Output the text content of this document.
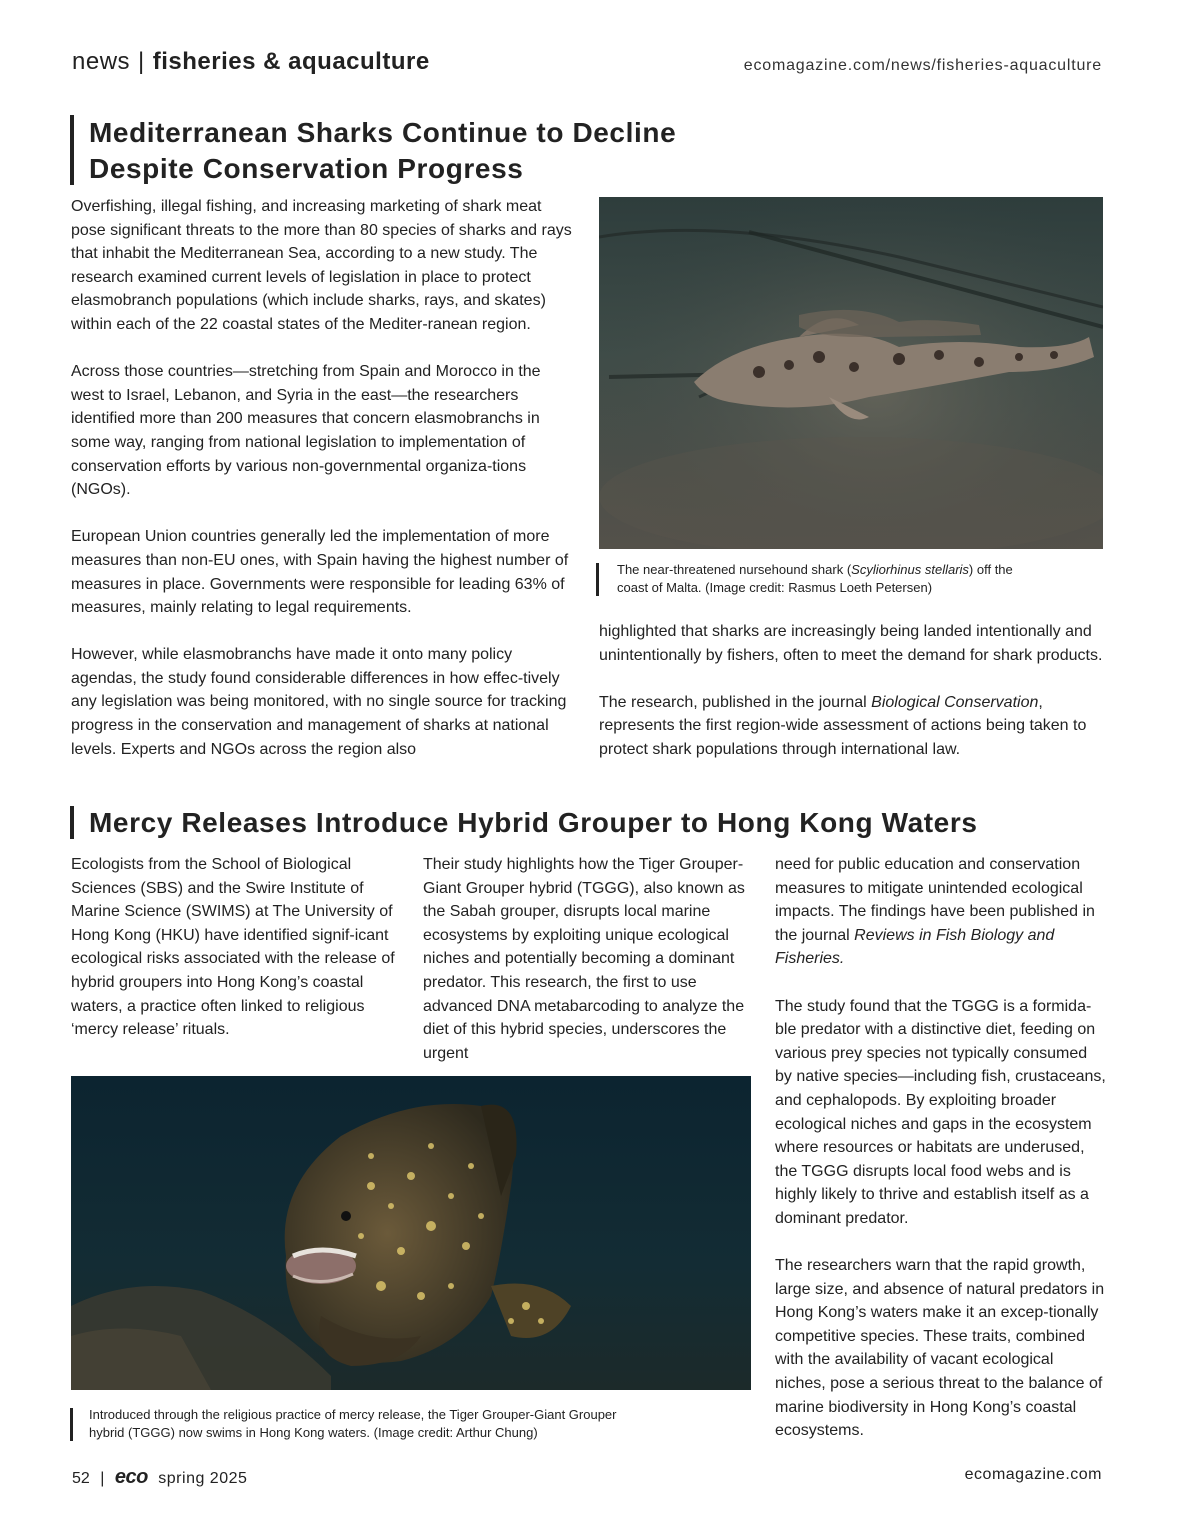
news | fisheries & aquaculture	ecomagazine.com/news/fisheries-aquaculture
Mediterranean Sharks Continue to Decline
Despite Conservation Progress

Overfishing, illegal fishing, and increasing marketing of shark meat pose significant threats to the more than 80 species of sharks and rays that inhabit the Mediterranean Sea, according to a new study. The research examined current levels of legislation in place to protect elasmobranch populations (which include sharks, rays, and skates) within each of the 22 coastal states of the Mediter-ranean region.

Across those countries—stretching from Spain and Morocco in the west to Israel, Lebanon, and Syria in the east—the researchers identified more than 200 measures that concern elasmobranchs in some way, ranging from national legislation to implementation of conservation efforts by various non-governmental organiza-tions (NGOs).

European Union countries generally led the implementation of more measures than non-EU ones, with Spain having the highest number of measures in place. Governments were responsible for leading 63% of measures, mainly relating to legal requirements.

However, while elasmobranchs have made it onto many policy agendas, the study found considerable differences in how effec-tively any legislation was being monitored, with no single source for tracking progress in the conservation and management of sharks at national levels. Experts and NGOs across the region also

The near-threatened nursehound shark (Scyliorhinus stellaris) off the coast of Malta. (Image credit: Rasmus Loeth Petersen)

highlighted that sharks are increasingly being landed intentionally and unintentionally by fishers, often to meet the demand for shark products.

The research, published in the journal Biological Conservation, represents the first region-wide assessment of actions being taken to protect shark populations through international law.

Mercy Releases Introduce Hybrid Grouper to Hong Kong Waters

Ecologists from the School of Biological Sciences (SBS) and the Swire Institute of Marine Science (SWIMS) at The University of Hong Kong (HKU) have identified signif-icant ecological risks associated with the release of hybrid groupers into Hong Kong’s coastal waters, a practice often linked to religious ‘mercy release’ rituals.

Their study highlights how the Tiger Grouper-Giant Grouper hybrid (TGGG), also known as the Sabah grouper, disrupts local marine ecosystems by exploiting unique ecological niches and potentially becoming a dominant predator. This research, the first to use advanced DNA metabarcoding to analyze the diet of this hybrid species, underscores the urgent

need for public education and conservation measures to mitigate unintended ecological impacts. The findings have been published in the journal Reviews in Fish Biology and Fisheries.

The study found that the TGGG is a formida-ble predator with a distinctive diet, feeding on various prey species not typically consumed by native species—including fish, crustaceans, and cephalopods. By exploiting broader ecological niches and gaps in the ecosystem where resources or habitats are underused, the TGGG disrupts local food webs and is highly likely to thrive and establish itself as a dominant predator.

The researchers warn that the rapid growth, large size, and absence of natural predators in Hong Kong’s waters make it an excep-tionally competitive species. These traits, combined with the availability of vacant ecological niches, pose a serious threat to the balance of marine biodiversity in Hong Kong’s coastal ecosystems.

Introduced through the religious practice of mercy release, the Tiger Grouper-Giant Grouper hybrid (TGGG) now swims in Hong Kong waters. (Image credit: Arthur Chung)
52 | eco spring 2025	ecomagazine.com
